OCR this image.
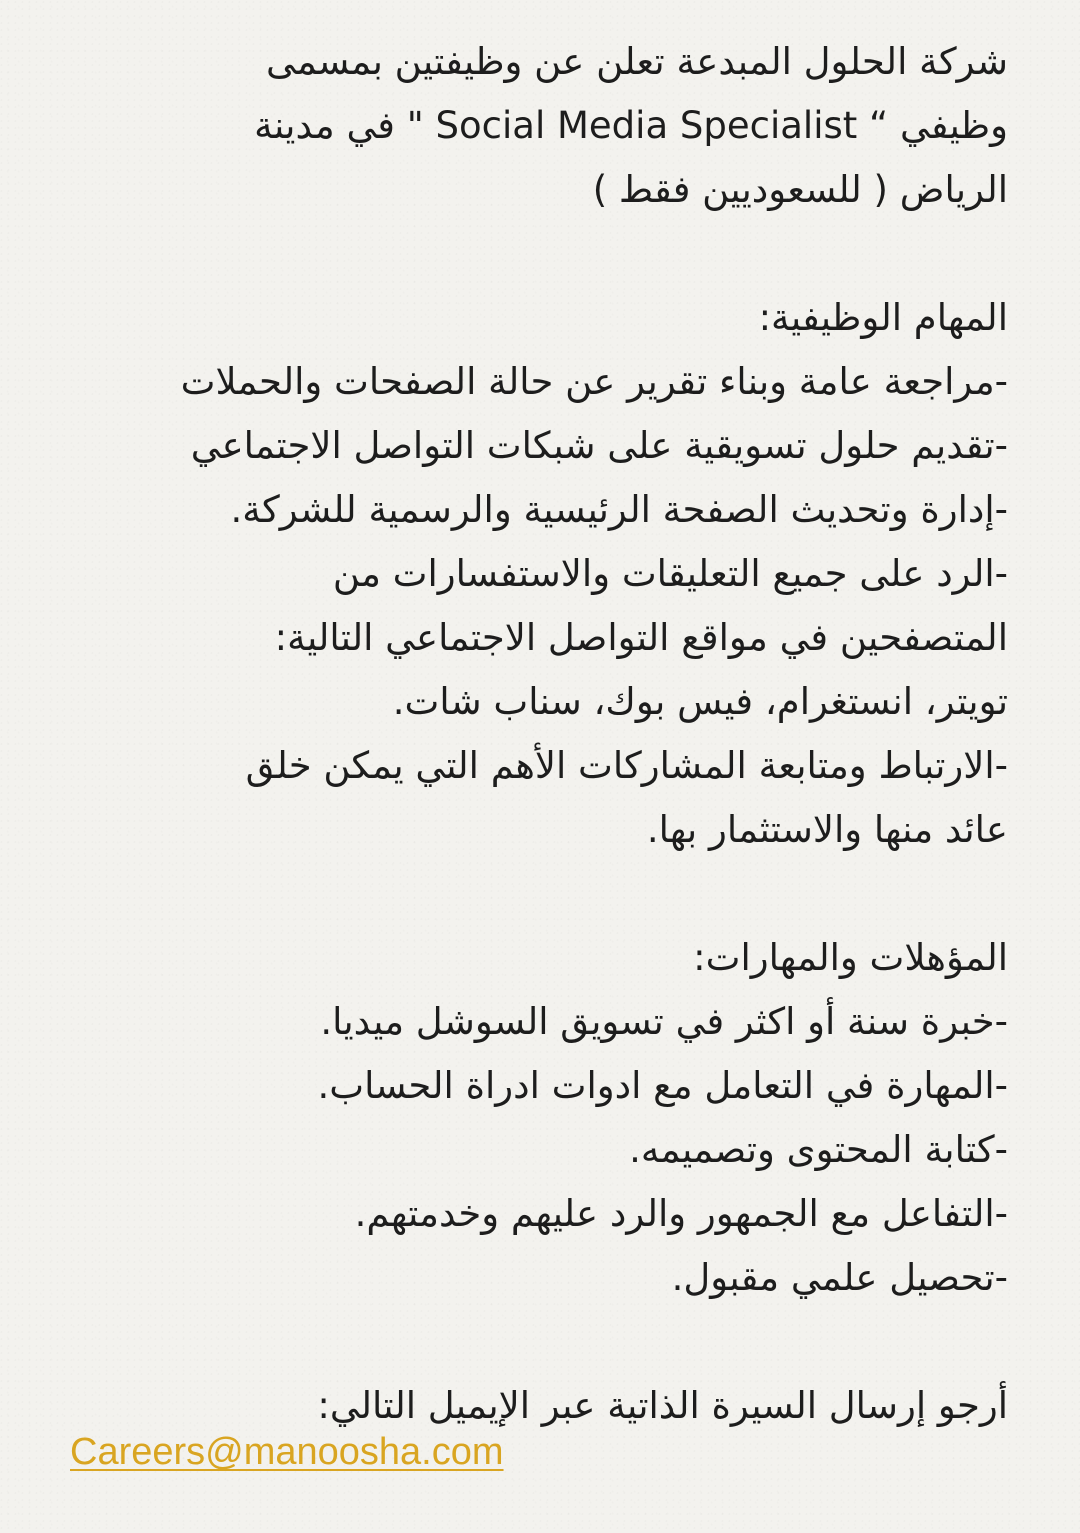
شركة الحلول المبدعة تعلن عن وظيفتين بمسمى
وظيفي “ Social Media Specialist " في مدينة
الرياض ( للسعوديين فقط )
المهام الوظيفية:
-مراجعة عامة وبناء تقرير عن حالة الصفحات والحملات
-تقديم حلول تسويقية على شبكات التواصل الاجتماعي
-إدارة وتحديث الصفحة الرئيسية والرسمية للشركة.
-الرد على جميع التعليقات والاستفسارات من
المتصفحين في مواقع التواصل الاجتماعي التالية:
تويتر، انستغرام، فيس بوك، سناب شات.
-الارتباط ومتابعة المشاركات الأهم التي يمكن خلق
عائد منها والاستثمار بها.
المؤهلات والمهارات:
-خبرة سنة أو اكثر في تسويق السوشل ميديا.
-المهارة في التعامل مع ادوات ادراة الحساب.
-كتابة المحتوى وتصميمه.
-التفاعل مع الجمهور والرد عليهم وخدمتهم.
-تحصيل علمي مقبول.
أرجو إرسال السيرة الذاتية عبر الإيميل التالي:
Careers@manoosha.com
